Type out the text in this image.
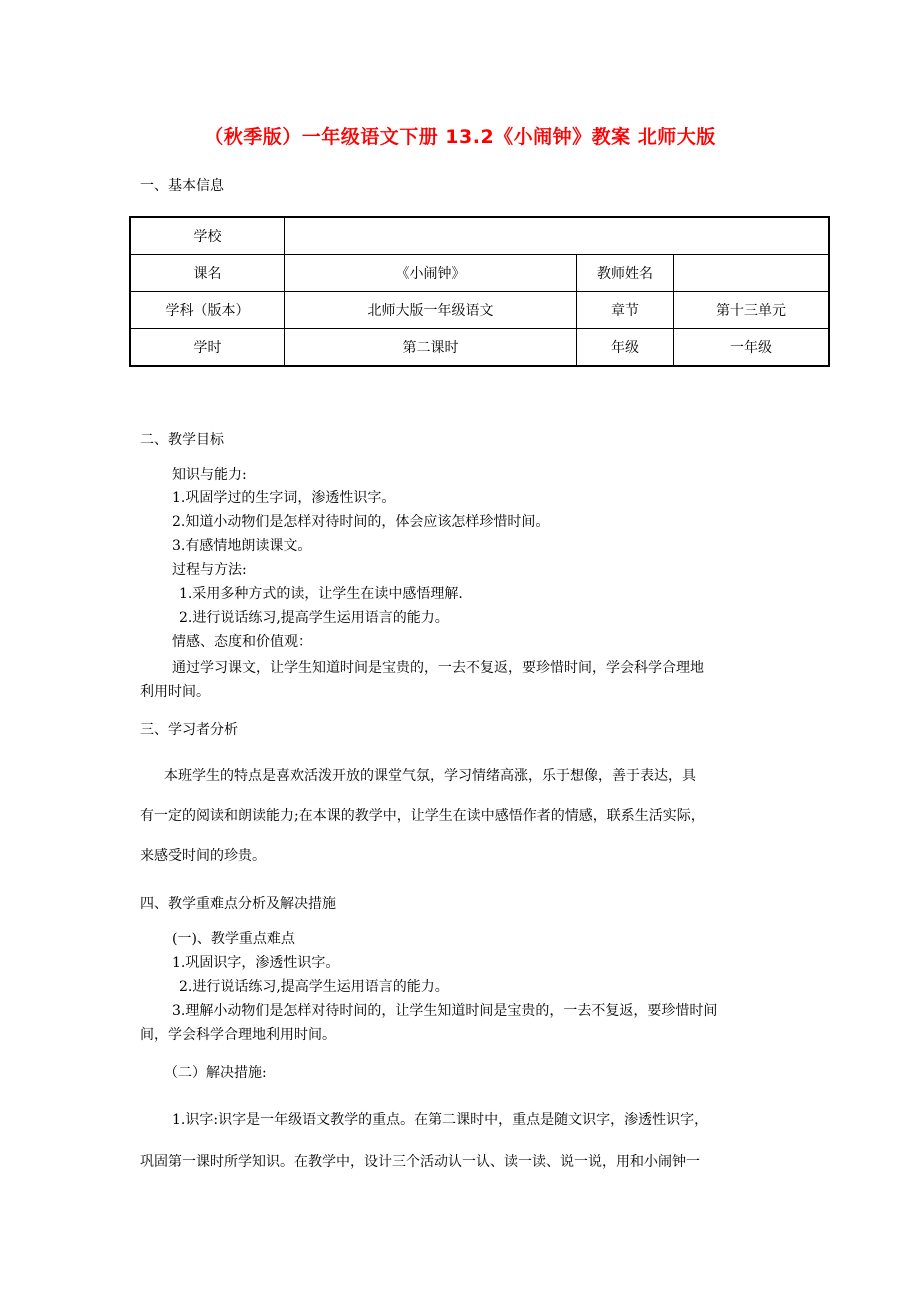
（秋季版）一年级语文下册 13.2《小闹钟》教案 北师大版
一、基本信息
学校			
课名	《小闹钟》	教师姓名	
学科（版本）	北师大版一年级语文	章节	第十三单元
学时	第二课时	年级	一年级
二、教学目标
知识与能力:
1.巩固学过的生字词，渗透性识字。
2.知道小动物们是怎样对待时间的，体会应该怎样珍惜时间。
3.有感情地朗读课文。
过程与方法:
1.采用多种方式的读，让学生在读中感悟理解.
2.进行说话练习,提高学生运用语言的能力。
情感、态度和价值观：
通过学习课文，让学生知道时间是宝贵的，一去不复返，要珍惜时间，学会科学合理地
利用时间。
三、学习者分析
本班学生的特点是喜欢活泼开放的课堂气氛，学习情绪高涨，乐于想像，善于表达，具
有一定的阅读和朗读能力;在本课的教学中，让学生在读中感悟作者的情感，联系生活实际，
来感受时间的珍贵。
四、教学重难点分析及解决措施
(一)、教学重点难点
1.巩固识字，渗透性识字。
2.进行说话练习,提高学生运用语言的能力。
3.理解小动物们是怎样对待时间的，让学生知道时间是宝贵的，一去不复返，要珍惜时间
间，学会科学合理地利用时间。
（二）解决措施:
1.识字:识字是一年级语文教学的重点。在第二课时中，重点是随文识字，渗透性识字，
巩固第一课时所学知识。在教学中，设计三个活动认一认、读一读、说一说，用和小闹钟一
